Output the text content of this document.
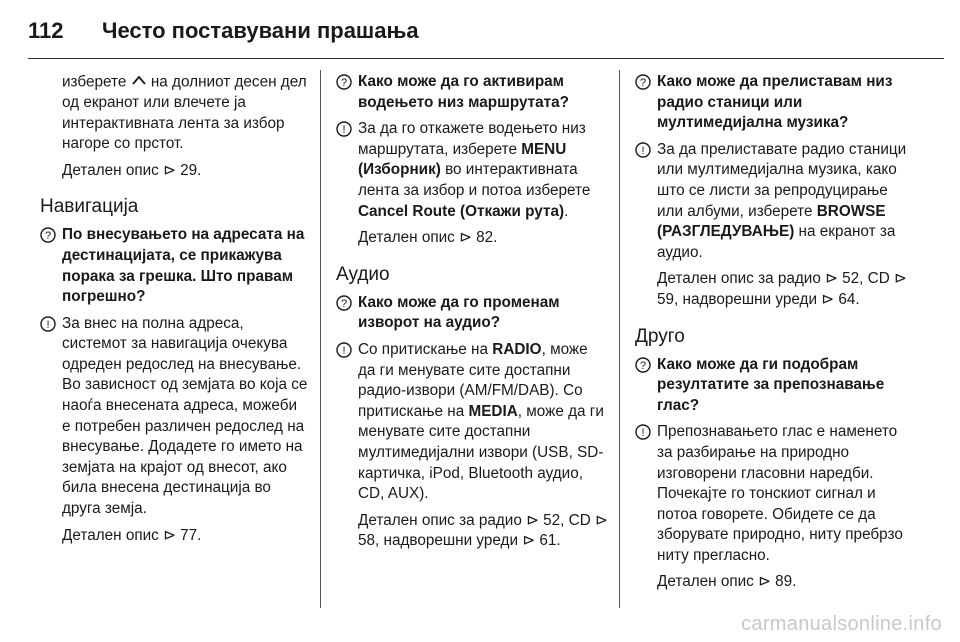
112	Често поставувани прашања

изберете  на долниот десен дел од екранот или влечете ја интерактивната лента за избор нагоре со прстот.

Детален опис ⊳ 29.

Навигација
? По внесувањето на адресата на дестинацијата, се прикажува порака за грешка. Што правам погрешно?
! За внес на полна адреса, системот за навигација очекува одреден редослед на внесување. Во зависност од земјата во која се наоѓа внесената адреса, можеби е потребен различен редослед на внесување. Додадете го името на земјата на крајот од внесот, ако била внесена дестинација во друга земја.

Детален опис ⊳ 77.

? Како може да го активирам водењето низ маршрутата?
! За да го откажете водењето низ маршрутата, изберете MENU (Изборник) во интерактивната лента за избор и потоа изберете Cancel Route (Откажи рута).

Детален опис ⊳ 82.

Аудио
? Како може да го променам изворот на аудио?
! Со притискање на RADIO, може да ги менувате сите достапни радио-извори (AM/FM/DAB). Со притискање на MEDIA, може да ги менувате сите достапни мултимедијални извори (USB, SD-картичка, iPod, Bluetooth аудио, CD, AUX).

Детален опис за радио ⊳ 52, CD ⊳ 58, надворешни уреди ⊳ 61.

? Како може да прелиставам низ радио станици или мултимедијална музика?
! За да прелиставате радио станици или мултимедијална музика, како што се листи за репродуцирање или албуми, изберете BROWSE (РАЗГЛЕДУВАЊЕ) на екранот за аудио.

Детален опис за радио ⊳ 52, CD ⊳ 59, надворешни уреди ⊳ 64.

Друго
? Како може да ги подобрам резултатите за препознавање глас?
! Препознавањето глас е наменето за разбирање на природно изговорени гласовни наредби. Почекајте го тонскиот сигнал и потоа говорете. Обидете се да зборувате природно, ниту пребрзо ниту прегласно.

Детален опис ⊳ 89.

carmanualsonline.info
